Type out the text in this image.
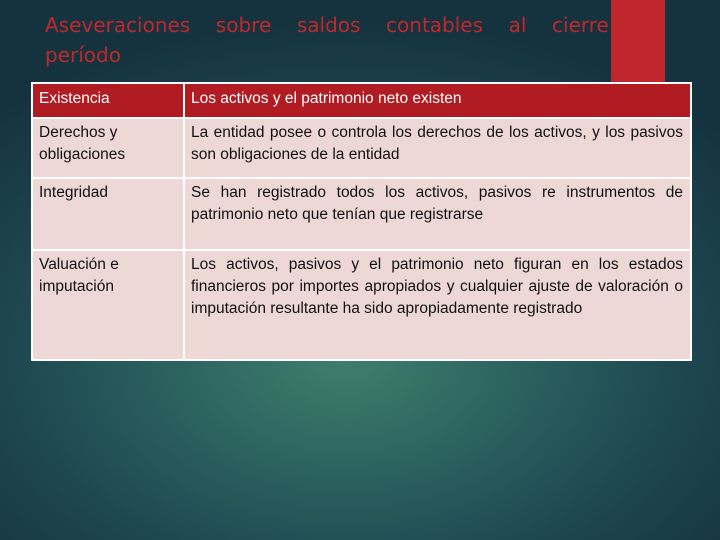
Aseveraciones sobre saldos contables al cierre del
período
Existencia	Los activos y el patrimonio neto existen
Derechos y obligaciones	La entidad posee o controla los derechos de los activos, y los pasivos son obligaciones de la entidad
Integridad	Se han registrado todos los activos, pasivos re instrumentos de patrimonio neto que tenían que registrarse
Valuación e imputación	Los activos, pasivos y el patrimonio neto figuran en los estados financieros por importes apropiados y cualquier ajuste de valoración o imputación resultante ha sido apropiadamente registrado
